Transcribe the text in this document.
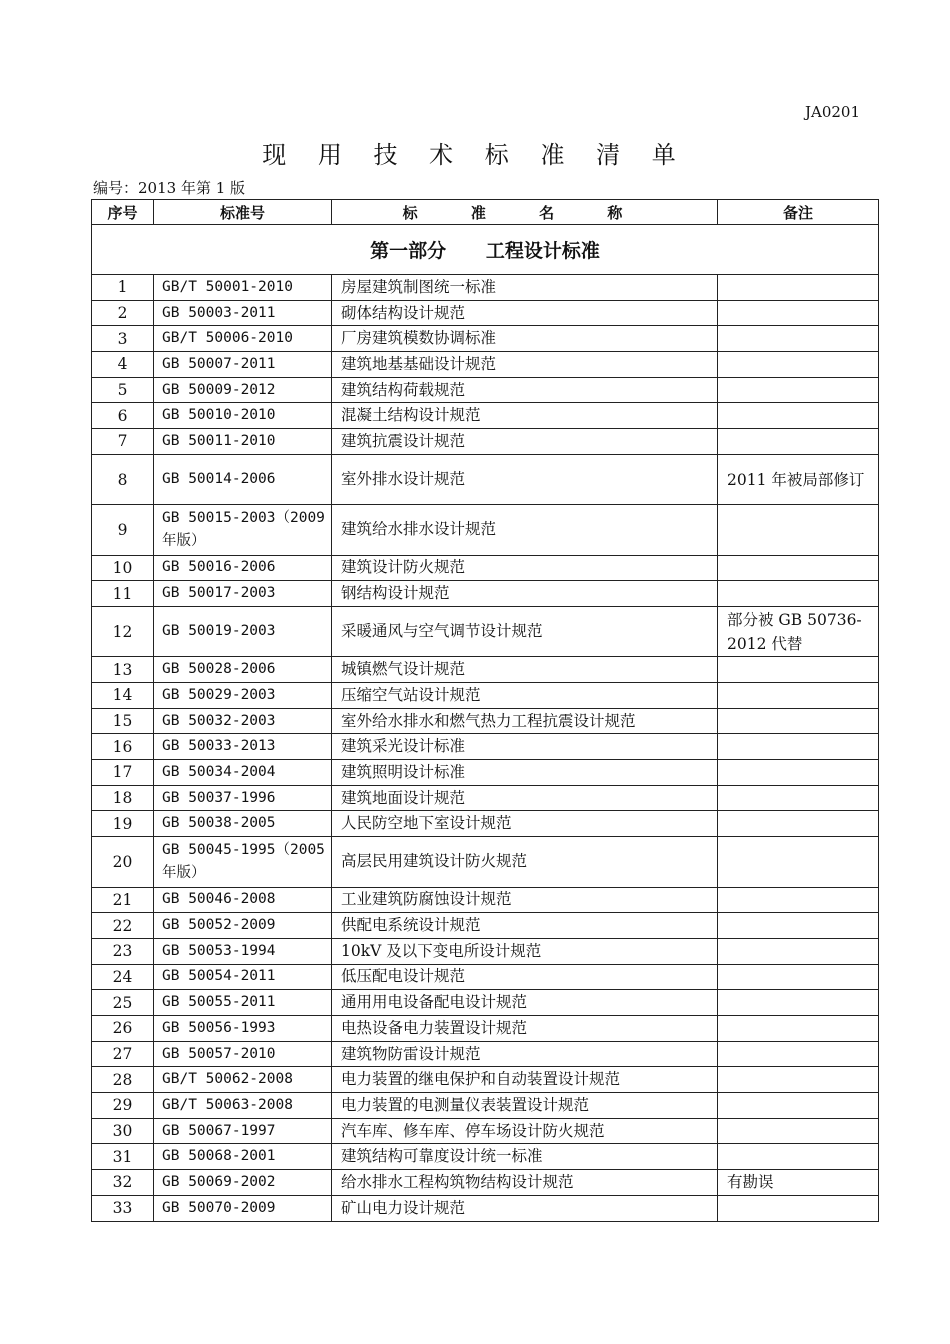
JA0201
现 用 技 术 标 准 清 单
编号：2013 年第 1 版
序号	标准号	标 准 名 称	备注
第一部分      工程设计标准			
1	GB/T 50001-2010	房屋建筑制图统一标准	
2	GB 50003-2011	砌体结构设计规范	
3	GB/T 50006-2010	厂房建筑模数协调标准	
4	GB 50007-2011	建筑地基基础设计规范	
5	GB 50009-2012	建筑结构荷载规范	
6	GB 50010-2010	混凝土结构设计规范	
7	GB 50011-2010	建筑抗震设计规范	
8	GB 50014-2006	室外排水设计规范	2011 年被局部修订
9	GB 50015-2003（2009 年版）	建筑给水排水设计规范	
10	GB 50016-2006	建筑设计防火规范	
11	GB 50017-2003	钢结构设计规范	
12	GB 50019-2003	采暖通风与空气调节设计规范	部分被 GB 50736-2012 代替
13	GB 50028-2006	城镇燃气设计规范	
14	GB 50029-2003	压缩空气站设计规范	
15	GB 50032-2003	室外给水排水和燃气热力工程抗震设计规范	
16	GB 50033-2013	建筑采光设计标准	
17	GB 50034-2004	建筑照明设计标准	
18	GB 50037-1996	建筑地面设计规范	
19	GB 50038-2005	人民防空地下室设计规范	
20	GB 50045-1995（2005 年版）	高层民用建筑设计防火规范	
21	GB 50046-2008	工业建筑防腐蚀设计规范	
22	GB 50052-2009	供配电系统设计规范	
23	GB 50053-1994	10kV 及以下变电所设计规范	
24	GB 50054-2011	低压配电设计规范	
25	GB 50055-2011	通用用电设备配电设计规范	
26	GB 50056-1993	电热设备电力装置设计规范	
27	GB 50057-2010	建筑物防雷设计规范	
28	GB/T 50062-2008	电力装置的继电保护和自动装置设计规范	
29	GB/T 50063-2008	电力装置的电测量仪表装置设计规范	
30	GB 50067-1997	汽车库、修车库、停车场设计防火规范	
31	GB 50068-2001	建筑结构可靠度设计统一标准	
32	GB 50069-2002	给水排水工程构筑物结构设计规范	有勘误
33	GB 50070-2009	矿山电力设计规范	
